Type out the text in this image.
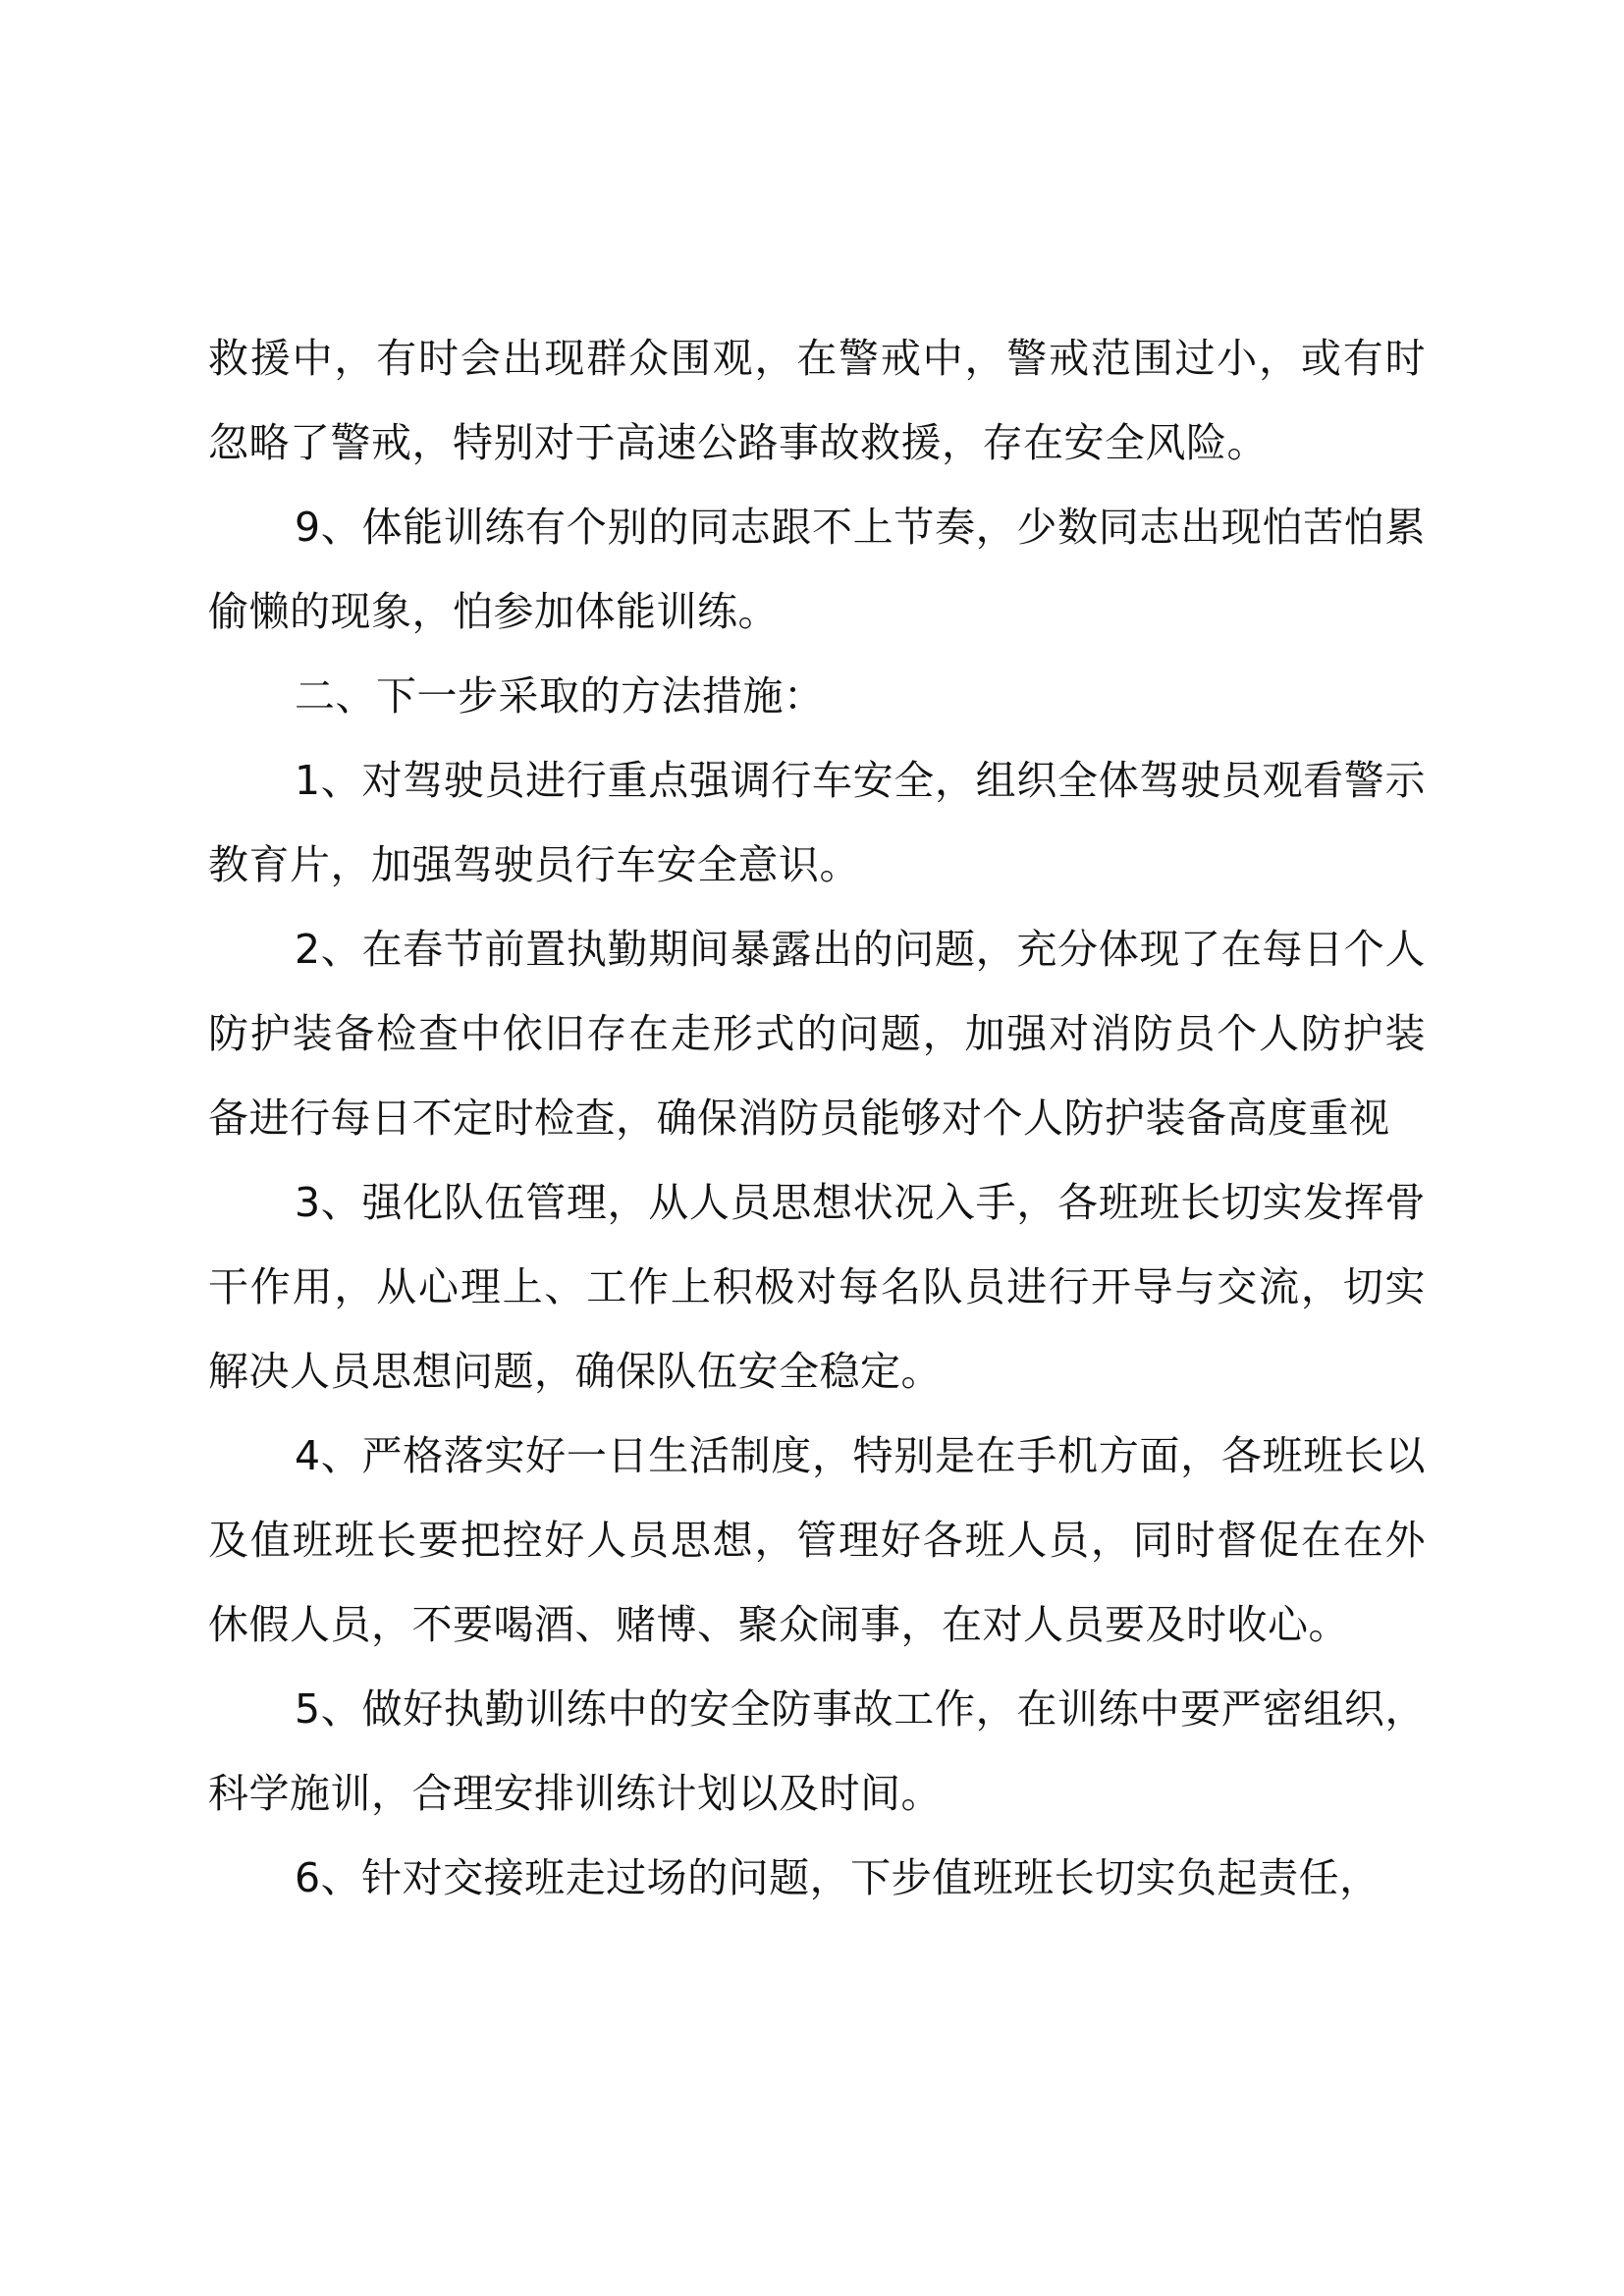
救援中，有时会出现群众围观，在警戒中，警戒范围过小，或有时忽略了警戒，特别对于高速公路事故救援，存在安全风险。

9、体能训练有个别的同志跟不上节奏，少数同志出现怕苦怕累偷懒的现象，怕参加体能训练。

二、下一步采取的方法措施：

1、对驾驶员进行重点强调行车安全，组织全体驾驶员观看警示教育片，加强驾驶员行车安全意识。

2、在春节前置执勤期间暴露出的问题，充分体现了在每日个人防护装备检查中依旧存在走形式的问题，加强对消防员个人防护装备进行每日不定时检查，确保消防员能够对个人防护装备高度重视

3、强化队伍管理，从人员思想状况入手，各班班长切实发挥骨干作用，从心理上、工作上积极对每名队员进行开导与交流，切实解决人员思想问题，确保队伍安全稳定。

4、严格落实好一日生活制度，特别是在手机方面，各班班长以及值班班长要把控好人员思想，管理好各班人员，同时督促在在外休假人员，不要喝酒、赌博、聚众闹事，在对人员要及时收心。

5、做好执勤训练中的安全防事故工作，在训练中要严密组织，科学施训，合理安排训练计划以及时间。

6、针对交接班走过场的问题，下步值班班长切实负起责任，
